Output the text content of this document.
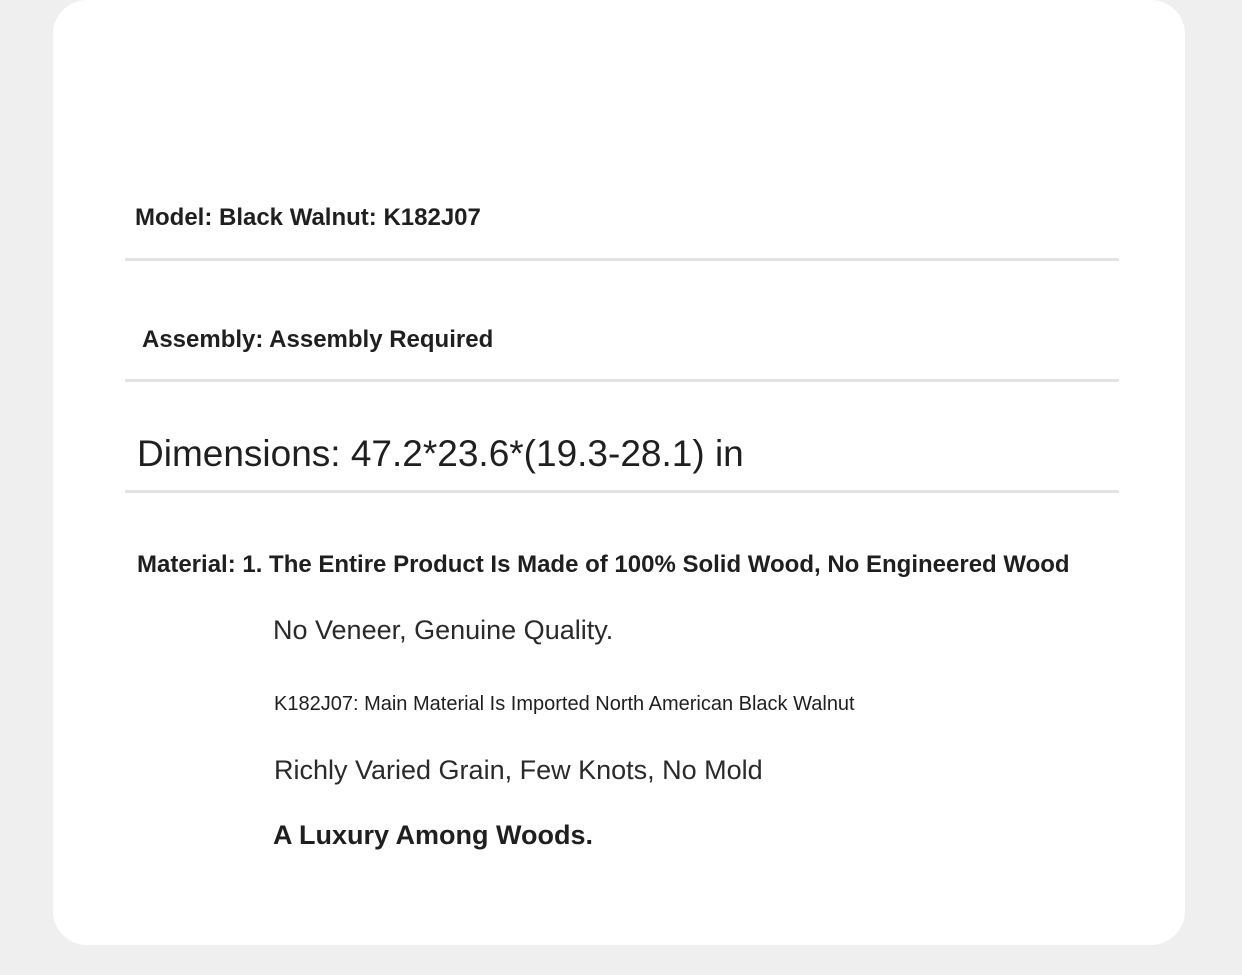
Model: Black Walnut: K182J07
Assembly: Assembly Required
Dimensions: 47.2*23.6*(19.3-28.1) in
Material: 1. The Entire Product Is Made of 100% Solid Wood, No Engineered Wood
No Veneer, Genuine Quality.
K182J07: Main Material Is Imported North American Black Walnut
Richly Varied Grain, Few Knots, No Mold
A Luxury Among Woods.
